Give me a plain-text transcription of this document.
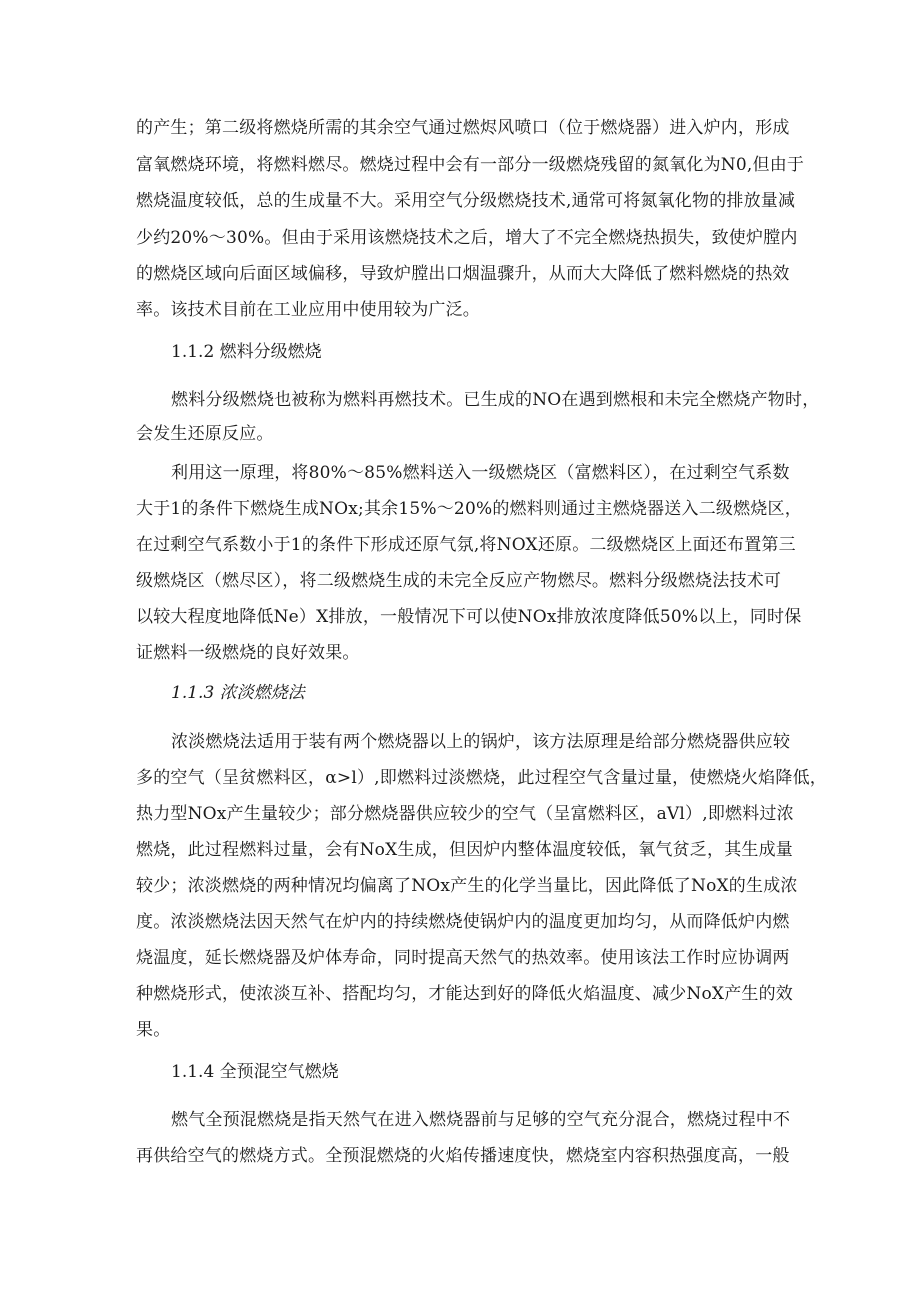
的产生；第二级将燃烧所需的其余空气通过燃烬风喷口（位于燃烧器）进入炉内，形成
富氧燃烧环境，将燃料燃尽。燃烧过程中会有一部分一级燃烧残留的氮氧化为N0,但由于
燃烧温度较低，总的生成量不大。采用空气分级燃烧技术,通常可将氮氧化物的排放量减
少约20%～30%。但由于采用该燃烧技术之后，增大了不完全燃烧热损失，致使炉膛内
的燃烧区域向后面区域偏移，导致炉膛出口烟温骤升，从而大大降低了燃料燃烧的热效
率。该技术目前在工业应用中使用较为广泛。
1.1.2 燃料分级燃烧
燃料分级燃烧也被称为燃料再燃技术。已生成的NO在遇到燃根和未完全燃烧产物时，
会发生还原反应。
利用这一原理，将80%～85%燃料送入一级燃烧区（富燃料区），在过剩空气系数
大于1的条件下燃烧生成NOx;其余15%～20%的燃料则通过主燃烧器送入二级燃烧区，
在过剩空气系数小于1的条件下形成还原气氛,将NOX还原。二级燃烧区上面还布置第三
级燃烧区（燃尽区），将二级燃烧生成的未完全反应产物燃尽。燃料分级燃烧法技术可
以较大程度地降低Ne）X排放，一般情况下可以使NOx排放浓度降低50%以上，同时保
证燃料一级燃烧的良好效果。
1.1.3 浓淡燃烧法
浓淡燃烧法适用于装有两个燃烧器以上的锅炉，该方法原理是给部分燃烧器供应较
多的空气（呈贫燃料区，α>l）,即燃料过淡燃烧，此过程空气含量过量，使燃烧火焰降低，
热力型NOx产生量较少；部分燃烧器供应较少的空气（呈富燃料区，aVl）,即燃料过浓
燃烧，此过程燃料过量，会有NoX生成，但因炉内整体温度较低，氧气贫乏，其生成量
较少；浓淡燃烧的两种情况均偏离了NOx产生的化学当量比，因此降低了NoX的生成浓
度。浓淡燃烧法因天然气在炉内的持续燃烧使锅炉内的温度更加均匀，从而降低炉内燃
烧温度，延长燃烧器及炉体寿命，同时提高天然气的热效率。使用该法工作时应协调两
种燃烧形式，使浓淡互补、搭配均匀，才能达到好的降低火焰温度、减少NoX产生的效
果。
1.1.4 全预混空气燃烧
燃气全预混燃烧是指天然气在进入燃烧器前与足够的空气充分混合，燃烧过程中不
再供给空气的燃烧方式。全预混燃烧的火焰传播速度快，燃烧室内容积热强度高，一般
